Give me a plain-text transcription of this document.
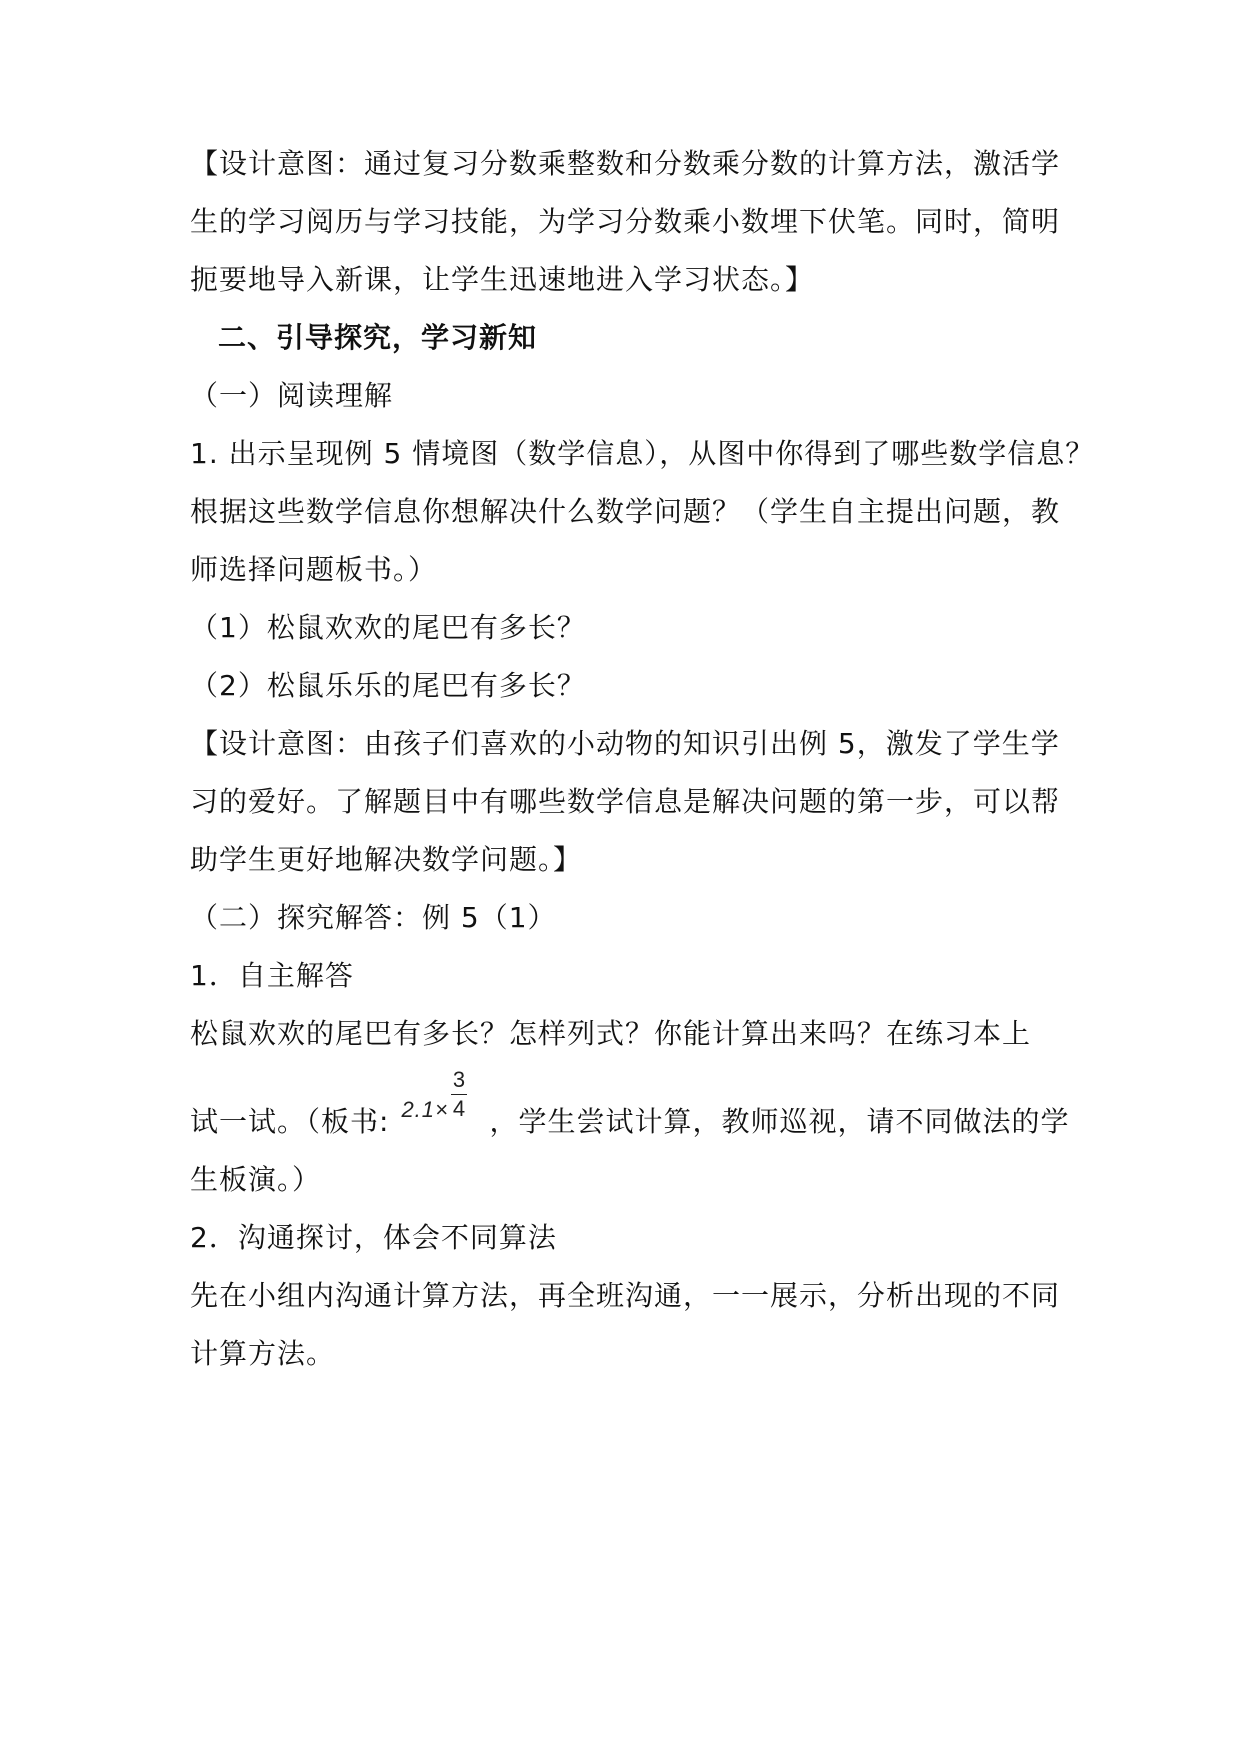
【设计意图：通过复习分数乘整数和分数乘分数的计算方法，激活学
生的学习阅历与学习技能，为学习分数乘小数埋下伏笔。同时，简明
扼要地导入新课，让学生迅速地进入学习状态。】
二、引导探究，学习新知
（一）阅读理解
1. 出示呈现例 5 情境图（数学信息），从图中你得到了哪些数学信息？
根据这些数学信息你想解决什么数学问题？（学生自主提出问题，教
师选择问题板书。）
（1）松鼠欢欢的尾巴有多长？
（2）松鼠乐乐的尾巴有多长？
【设计意图：由孩子们喜欢的小动物的知识引出例 5，激发了学生学
习的爱好。了解题目中有哪些数学信息是解决问题的第一步，可以帮
助学生更好地解决数学问题。】
（二）探究解答：例 5（1）
1．自主解答
松鼠欢欢的尾巴有多长？怎样列式？你能计算出来吗？在练习本上
试一试。（板书: 2.1×
3
4 ，学生尝试计算，教师巡视，请不同做法的学
生板演。）
2．沟通探讨，体会不同算法
先在小组内沟通计算方法，再全班沟通，一一展示，分析出现的不同
计算方法。
